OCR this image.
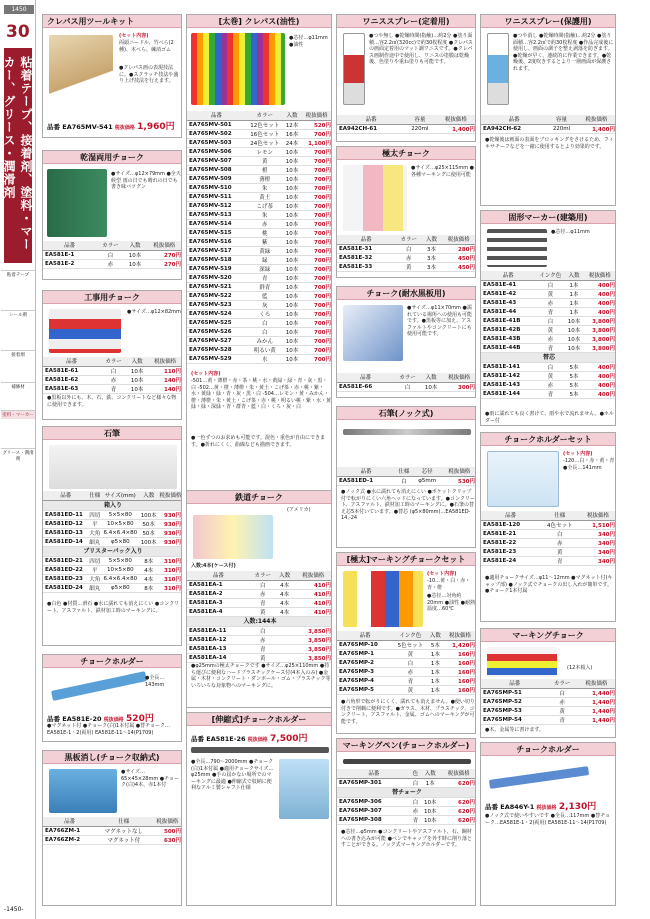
1450
30
粘着テープ、接着剤、塗料・マーカー、グリース・潤滑剤
粘着テープ
シール剤
接着剤
補修材
塗料・マーカー
グリース・潤滑剤
-1450-
クレパス用ツールキット
(セット内容)
両頭ニードル、竹べら(2種)、木べら、練消ゴム
●クレパス画の表現技法に。●スクラッチ技法や盛り上げ技法を行えます。
品番 EA765MV-541 税抜価格 1,960円
乾湿両用チョーク
●サイズ…φ12×79mm ●全天候型 雨の日でも晴れの日でも書き味バツグン
品番	カラー	入数	税抜価格
EA581E-1	白	10本	270円
EA581E-2	赤	10本	270円
工事用チョーク
●サイズ…φ12×82mm
品番	カラー	入数	税抜価格
EA581E-61	白	10本	110円
EA581E-62	赤	10本	140円
EA581E-63	青	10本	140円
●黒板以外にも、木、石、鉄、コンクリートなど様々な物に使用できます。
石筆
品番	仕様	サイズ(mm)	入数	税抜価格
箱入り				
EA581ED-11	四切	5×5×80	100本	930円
EA581ED-12	平	10×5×80	50本	930円
EA581ED-13	大角	6.4×6.4×80	50本	930円
EA581ED-14	細丸	φ5×80	100本	930円
ブリスターパック入り				
EA581ED-21	四切	5×5×80	8本	310円
EA581ED-22	平	10×5×80	4本	310円
EA581ED-23	大角	6.4×6.4×80	4本	310円
EA581ED-24	細丸	φ5×80	8本	310円
●白色 ●材質…滑石 ●水に濡れても消えにくい ●コンクリート、アスファルト、鉄材加工時のマーキングに。
チョークホルダー
●全長…143mm
品番 EA581E-20 税抜価格 520円
●マグネット付 ●チョーク(白)1本付属 ●替チョーク…EA581E-1・2(両用) EA581E-11～14(P1709)
黒板消し(チョーク収納式)
●サイズ…65×45×28mm ●チョーク(白)4本、赤1本付
品番	仕様	税抜価格
EA766ZM-1	マグネットなし	500円
EA766ZM-2	マグネット付	630円
[太巻] クレパス(油性)
●芯径…φ11mm ●油性
品番	カラー	入数	税抜価格
EA765MV-501	12色セット	12本	520円
EA765MV-502	16色セット	16本	700円
EA765MV-503	24色セット	24本	1,100円
EA765MV-506	レモン	10本	700円
EA765MV-507	黄	10本	700円
EA765MV-508	橙	10本	700円
EA765MV-509	薄橙	10本	700円
EA765MV-510	朱	10本	700円
EA765MV-511	黄土	10本	700円
EA765MV-512	こげ茶	10本	700円
EA765MV-513	朱	10本	700円
EA765MV-514	赤	10本	700円
EA765MV-515	桃	10本	700円
EA765MV-516	紫	10本	700円
EA765MV-517	黄緑	10本	700円
EA765MV-518	緑	10本	700円
EA765MV-519	深緑	10本	700円
EA765MV-520	青	10本	700円
EA765MV-521	群青	10本	700円
EA765MV-522	藍	10本	700円
EA765MV-523	灰	10本	700円
EA765MV-524	くろ	10本	700円
EA765MV-525	白	10本	700円
EA765MV-526	白	10本	700円
EA765MV-527	みかん	10本	700円
EA765MV-528	明るい黄	10本	700円
EA765MV-529	水	10本	700円
(セット内容)
-501…黄・薄橙・赤・茶・桃・水・黄緑・緑・青・灰・黒・白 -502…黄・橙・薄橙・朱・黄土・こげ茶・赤・桃・紫・水・黄緑・緑・青・灰・黒・白 -504…レモン・黄・みかん・橙・薄橙・朱・黄土・こげ茶・赤・桃・明るい桃・紫・水・黄緑・緑・深緑・青・群青・藍・白・くろ・灰・白
●一色ずつのお求めも可能です。混色・重色が自由にできます。●折れにくく、曲線なども描画できます。
鉄道チョーク
(アメリカ)
入数:4本(ケース付)
品番	カラー	入数	税抜価格
EA581EA-1	白	4本	410円
EA581EA-2	赤	4本	410円
EA581EA-3	青	4本	410円
EA581EA-4	黄	4本	410円
入数:144本			
EA581EA-11	白		3,850円
EA581EA-12	赤		3,850円
EA581EA-13	青		3,850円
EA581EA-14	黄		3,850円
●φ25mmの極太チョークです ●サイズ…φ25×110mm ●持ち運びに便利なハードプラスチックケース付(4本入のみ) ●金属・木材・コンクリート・ダンボール・ゴム・プラスチック等いろいろな対象物へのマーキングに。
[伸縮式]チョークホルダー
品番 EA581E-26 税抜価格 7,500円
●全長…790～2000mm ●チョーク(白)1本付属 ●適用チョークサイズ…φ25mm ●手の届かない場所でのマーキングに最適 ●伸縮式で収納に便利なアルミ製シャフト仕様
ワニススプレー(定着用)
●つや無し ●乾燥時間(指触)…約2分 ●塗り面積…容2.2㎡(320cc)で約30枚程度 ●クレパスの画面定着用のマット調ワニスです。●クレパス画制作途中で使用し、ワニスの塗膜は乾燥後、色塗りや重ね塗りも可能です。
品番	容量	税抜価格
EA942CH-61	220ml	1,400円
極太チョーク
●サイズ…φ25×115mm ●各種マーキングに使用可能
品番	カラー	入数	税抜価格
EA581E-31	白	3本	280円
EA581E-32	赤	3本	450円
EA581E-33	黄	3本	450円
チョーク(耐水黒板用)
●サイズ…φ11×70mm ●濡れている場所への使用も可能です。●黒板等に加え、アスファルトやコンクリートにも使用可能です。
品番	カラー	入数	税抜価格
EA581E-66	白	10本	300円
石筆(ノック式)
品番	仕様	芯径	税抜価格
EA581ED-1	白	φ5mm	530円
●ノック式 ●水に濡れても消えにくい ●ポケットクリップ付で転がりにくい六角ヘッドになっています。●コンクリート、アスファルト、鉄材加工時のマーキングに。●石筆の替え芯5本付いています。●替芯 (φ5×80mm)…EA581ED-14,-24
[極太]マーキングチョークセット
(セット内容)
-10…黄・白・赤・青・橙
●芯径…対角約20mm ●油性 ●耐熱温度…60℃
品番	インク色	入数	税抜価格
EA765MP-10	5色セット	5本	1,420円
EA765MP-1	黄	1本	160円
EA765MP-2	白	1本	160円
EA765MP-3	赤	1本	160円
EA765MP-4	青	1本	160円
EA765MP-5	黄	1本	160円
●六角形で転がりにくく、濡れても消えません。●使い切り付きで削蝋に便利です。●ガラス、木材、プラスチック、コンクリート、アスファルト、金属、ゴムへのマーキングが可能です。
マーキングペン(チョークホルダー)
品番	色	入数	税抜価格
EA765MP-301	白	1本	620円
替チョーク			
EA765MP-306	白	10本	620円
EA765MP-307	赤	10本	620円
EA765MP-308	青	10本	620円
●芯径…φ5mm ●コンクリートやアスファルト、石、鋼材への書き込みが可能 ●ペンでキャップを外す時に削り落とすことができる。ノック式マーキングホルダーです。
ワニススプレー(保護用)
●つや消し ●乾燥時間(指触)…約2分 ●塗り面積…容2.2㎡で約30枚程度 ●作品完成後に使用し、画面の調子を整え剥落を防ぎます。●乾燥が早く、連続的に作業できます。●乾燥後、2度吹きするとより一層画面が保護されます。
品番	容量	税抜価格
EA942CH-62	220ml	1,400円
●乾燥後は画面の表面をブロッキングをさけるため、フィキサチーフなどを一緒に使用するとより効果的です。
固形マーカー(建築用)
●芯径…φ11mm
品番	インク色	入数	税抜価格
EA581E-41	白	1本	400円
EA581E-42	黄	1本	400円
EA581E-43	赤	1本	400円
EA581E-44	青	1本	400円
EA581E-41B	白	10本	3,800円
EA581E-42B	黄	10本	3,800円
EA581E-43B	赤	10本	3,800円
EA581E-44B	青	10本	3,800円
替芯			
EA581E-141	白	5本	400円
EA581E-142	黄	5本	400円
EA581E-143	赤	5本	400円
EA581E-144	青	5本	400円
●雨に濡れても良く書けて、雨や水で流れません。●ホルダー付
チョークホルダーセット
(セット内容)
-120…白・赤・黄・青 ●全長…141mm
品番	仕様	税抜価格
EA581E-120	4色セット	1,510円
EA581E-21	白	340円
EA581E-22	赤	340円
EA581E-23	黄	340円
EA581E-24	青	340円
●適用チョークサイズ…φ11～12mm ●マグネット付(キャップ部) ●ノック式でチョークの出し入れが簡単です。●チョーク1本付属
マーキングチョーク
(12本箱入)
品番	カラー	税抜価格
EA765MP-51	白	1,440円
EA765MP-52	赤	1,440円
EA765MP-53	黄	1,440円
EA765MP-54	青	1,440円
●木、金属等に書けます。
チョークホルダー
品番 EA846Y-1 税抜価格 2,130円
●ノック式で使いやすいです ●全長…117mm ●替チョーク…EA581E-1・2(両用) EA581E-11～14(P1709)
